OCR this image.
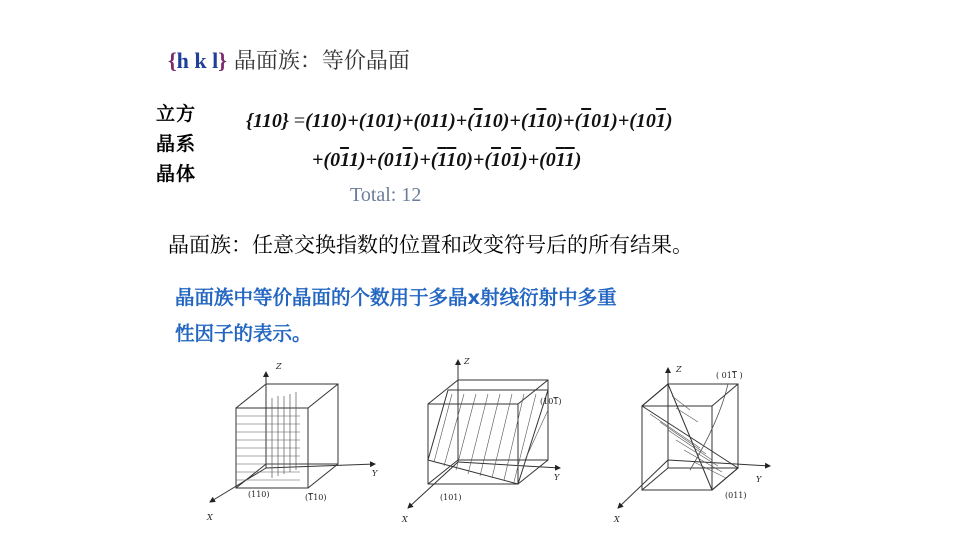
{h k l} 晶面族：等价晶面
立方
晶系
晶体
{110} =(110)+(101)+(011)+(110)+(110)+(101)+(101)
+(011)+(011)+(110)+(101)+(011)
Total: 12
晶面族：任意交换指数的位置和改变符号后的所有结果。
晶面族中等价晶面的个数用于多晶x射线衍射中多重
性因子的表示。
(110)	(110)
Z
Y
X
(101)
(101)
Z
Y
X
(011)
( 011 )
Z
Y
X
